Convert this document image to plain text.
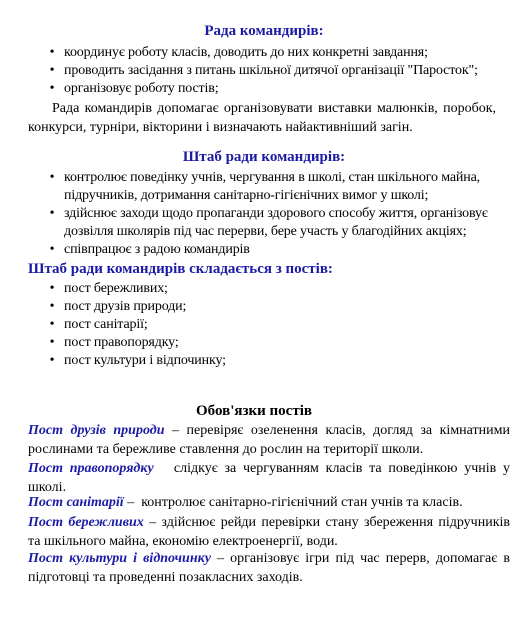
Рада командирів:
• координує роботу класів, доводить до них конкретні завдання;
• проводить засідання з питань шкільної дитячої організації "Паросток";
• організовує роботу постів;
Рада командирів допомагає організовувати виставки малюнків, поробок, конкурси, турніри, вікторини і визначають найактивніший загін.
Штаб ради командирів:
• контролює поведінку учнів, чергування в школі, стан шкільного майна, підручників, дотримання санітарно-гігієнічних вимог у школі;
• здійснює заходи щодо пропаганди здорового способу життя, організовує дозвілля школярів під час перерви, бере участь у благодійних акціях;
• співпрацює з радою командирів
Штаб ради командирів складається з постів:
• пост бережливих;
• пост друзів природи;
• пост санітарії;
• пост правопорядку;
• пост культури і відпочинку;
Обов'язки постів
Пост друзів природи – перевіряє озеленення класів, догляд за кімнатними рослинами та бережливе ставлення до рослин на території школи.
Пост правопорядку   слідкує за чергуванням класів та поведінкою учнів у школі.
Пост санітарії –  контролює санітарно-гігієнічний стан учнів та класів.
Пост бережливих – здійснює рейди перевірки стану збереження підручників та шкільного майна, економію електроенергії, води.
Пост культури і відпочинку – організовує ігри під час перерв, допомагає в підготовці та проведенні позакласних заходів.
